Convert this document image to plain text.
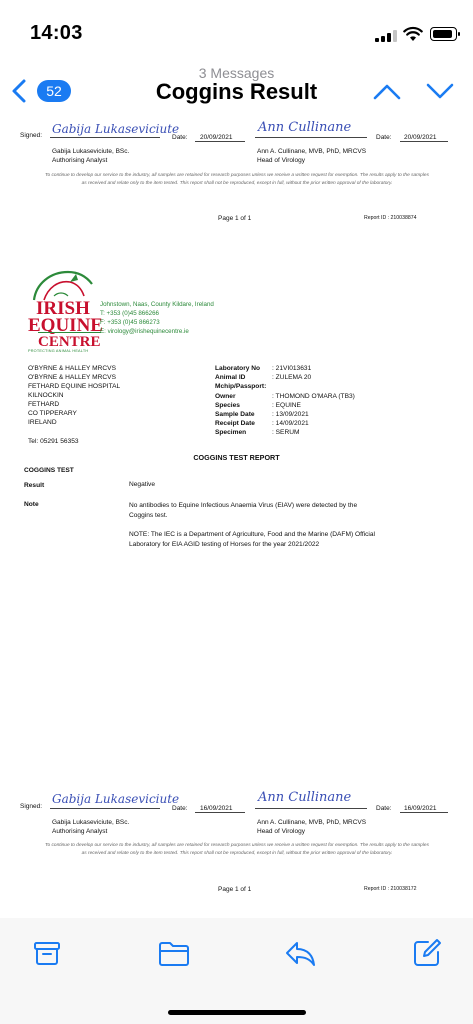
14:03
52
3 Messages
Coggins Result
Signed: Gabija Lukaseviciute
Date: 20/09/2021
Ann Cullinane
Date: 20/09/2021
Gabija Lukaseviciute, BSc.
Authorising Analyst
Ann A. Cullinane, MVB, PhD, MRCVS
Head of Virology
To continue to develop our service to the industry, all samples are retained for research purposes unless we receive a written request for exemption. The results apply to the samples as received and relate only to the item tested. This report shall not be reproduced, except in full, without the prior written approval of the laboratory.
Page 1 of 1	Report ID : 210038874
IRISH
EQUINE
CENTRE
PROTECTING ANIMAL HEALTH
Johnstown, Naas, County Kildare, Ireland
T: +353 (0)45 866266
F: +353 (0)45 866273
E: virology@irishequinecentre.ie
O'BYRNE & HALLEY MRCVS
O'BYRNE & HALLEY MRCVS
FETHARD EQUINE HOSPITAL
KILNOCKIN
FETHARD
CO TIPPERARY
IRELAND
Tel: 05291 56353
Laboratory No : 21VI013631
Animal ID	: ZULEMA 20
Mchip/Passport:
Owner	: THOMOND O'MARA (TB3)
Species	: EQUINE
Sample Date	: 13/09/2021
Receipt Date	: 14/09/2021
Specimen	: SERUM
COGGINS TEST REPORT
COGGINS TEST
Result	Negative
Note	No antibodies to Equine Infectious Anaemia Virus (EIAV) were detected by the Coggins test.
NOTE: The IEC is a Department of Agriculture, Food and the Marine (DAFM) Official Laboratory for EIA AGID testing of Horses for the year 2021/2022
Signed:
Gabija Lukaseviciute
Date: 16/09/2021
Ann Cullinane
Date: 16/09/2021
Gabija Lukaseviciute, BSc.
Authorising Analyst
Ann A. Cullinane, MVB, PhD, MRCVS
Head of Virology
To continue to develop our service to the industry, all samples are retained for research purposes unless we receive a written request for exemption. The results apply to the samples as received and relate only to the item tested. This report shall not be reproduced, except in full, without the prior written approval of the laboratory.
Page 1 of 1	Report ID : 210038172
